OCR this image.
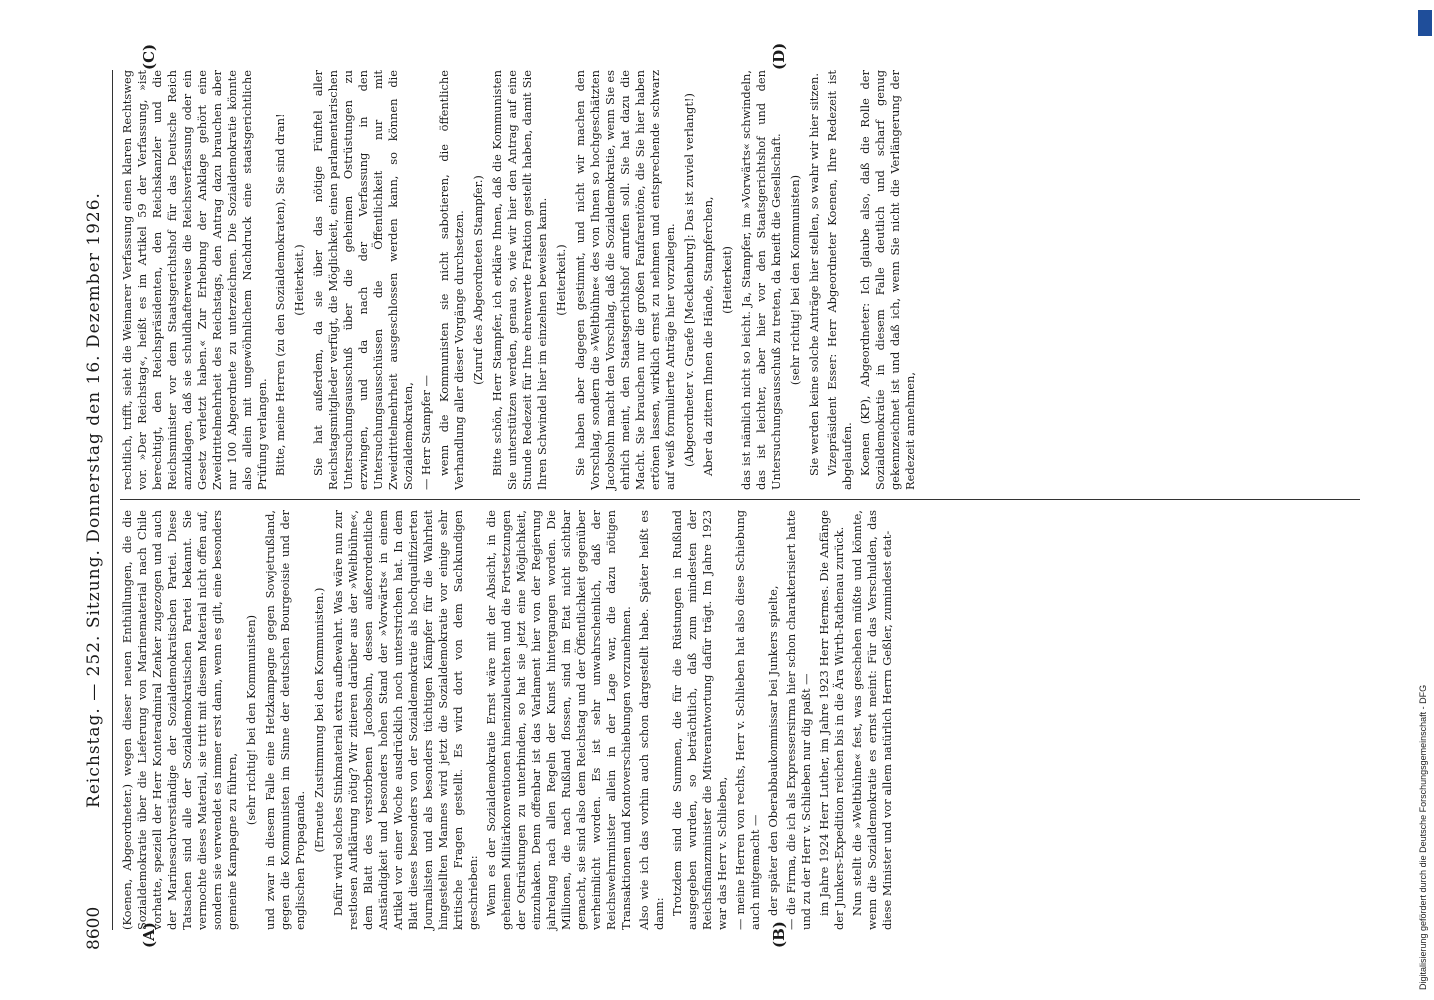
8600
Reichstag. — 252. Sitzung. Donnerstag den 16. Dezember 1926.
(A)	(B)
(C)	(D)

(Koenen, Abgeordneter.) wegen dieser neuen Enthüllungen, die die Sozialdemokratie über die Lieferung von Marinematerial nach Chile vorhatte, speziell der Herr Konteradmiral Zenker zugezogen und auch der Marinesachverständige der Sozialdemokratischen Partei. Diese Tatsachen sind alle der Sozialdemokratischen Partei bekannt. Sie vermochte dieses Material, sie tritt mit diesem Material nicht offen auf, sondern sie verwendet es immer erst dann, wenn es gilt, eine besonders gemeine Kampagne zu führen,

(sehr richtig! bei den Kommunisten) und zwar in diesem Falle eine Hetzkampagne gegen Sowjetrußland, gegen die Kommunisten im Sinne der deutschen Bourgeoisie und der englischen Propaganda.

(Erneute Zustimmung bei den Kommunisten.) Dafür wird solches Stinkmaterial extra aufbewahrt. Was wäre nun zur restlosen Aufklärung nötig? Wir zitieren darüber aus der »Weltbühne«, dem Blatt des verstorbenen Jacobsohn, dessen außerordentliche Anständigkeit und besonders hohen Stand der »Vorwärts« in einem Artikel vor einer Woche ausdrücklich noch unterstrichen hat. In dem Blatt dieses besonders von der Sozialdemokratie als hochqualifizierten Journalisten und als besonders tüchtigen Kämpfer für die Wahrheit hingestellten Mannes wird jetzt die Sozialdemokratie vor einige sehr kritische Fragen gestellt. Es wird dort von dem Sachkundigen geschrieben: Wenn es der Sozialdemokratie Ernst wäre mit der Absicht, in die geheimen Militärkonventionen hineinzuleuchten und die Fortsetzungen der Ostrüstungen zu unterbinden, so hat sie jetzt eine Möglichkeit, einzuhaken. Denn offenbar ist das Varlament hier von der Regierung jahrelang nach allen Regeln der Kunst hintergangen worden. Die Millionen, die nach Rußland flossen, sind im Etat nicht sichtbar gemacht, sie sind also dem Reichstag und der Öffentlichkeit gegenüber verheimlicht worden. Es ist sehr unwahrscheinlich, daß der Reichswehrminister allein in der Lage war, die dazu nötigen Transaktionen und Kontoverschiebungen vorzunehmen. Also wie ich das vorhin auch schon dargestellt habe. Später heißt es dann: Trotzdem sind die Summen, die für die Rüstungen in Rußland ausgegeben wurden, so beträchtlich, daß zum mindesten der Reichsfinanzminister die Mitverantwortung dafür trägt. Im Jahre 1923 war das Herr v. Schlieben, — meine Herren von rechts, Herr v. Schlieben hat also diese Schiebung auch mitgemacht — der später den Oberabbaukommissar bei Junkers spielte, — die Firma, die ich als Expressersirma hier schon charakterisiert hatte und zu der Herr v. Schlieben nur dig paßt — im Jahre 1924 Herr Luther, im Jahre 1923 Herr Hermes. Die Anfänge der Junkers-Expedition reichen bis in die Ära Wirth-Rathenau zurück. Nun stellt die »Weltbühne« fest, was geschehen müßte und könnte, wenn die Sozialdemokratie es ernst meint: Für das Verschulden, das diese Minister und vor allem natürlich Herrn Geßler, zumindest etat-

rechtlich, trifft, sieht die Weimarer Verfassung einen klaren Rechtsweg vor. »Der Reichstag«, heißt es im Artikel 59 der Verfassung, »ist berechtigt, den Reichspräsidenten, den Reichskanzler und die Reichsminister vor dem Staatsgerichtshof für das Deutsche Reich anzuklagen, daß sie schuldhafterweise die Reichsverfassung oder ein Gesetz verletzt haben.« Zur Erhebung der Anklage gehört eine Zweidrittelmehrheit des Reichstags, den Antrag dazu brauchen aber nur 100 Abgeordnete zu unterzeichnen. Die Sozialdemokratie könnte also allein mit ungewöhnlichem Nachdruck eine staatsgerichtliche Prüfung verlangen. Bitte, meine Herren (zu den Sozialdemokraten), Sie sind dran! (Heiterkeit.) Sie hat außerdem, da sie über das nötige Fünftel aller Reichstagsmitglieder verfügt, die Möglichkeit, einen parlamentarischen Untersuchungsausschuß über die geheimen Ostrüstungen zu erzwingen, und da nach der Verfassung in den Untersuchungsausschüssen die Öffentlichkeit nur mit Zweidrittelmehrheit ausgeschlossen werden kann, so können die Sozialdemokraten, — Herr Stampfer — wenn die Kommunisten sie nicht sabotieren, die öffentliche Verhandlung aller dieser Vorgänge durchsetzen. (Zuruf des Abgeordneten Stampfer.) Bitte schön, Herr Stampfer, ich erkläre Ihnen, daß die Kommunisten Sie unterstützen werden, genau so, wie wir hier den Antrag auf eine Stunde Redezeit für Ihre ehrenwerte Fraktion gestellt haben, damit Sie Ihren Schwindel hier im einzelnen beweisen kann. (Heiterkeit.) Sie haben aber dagegen gestimmt, und nicht wir machen den Vorschlag, sondern die »Weltbühne« des von Ihnen so hochgeschätzten Jacobsohn macht den Vorschlag, daß die Sozialdemokratie, wenn Sie es ehrlich meint, den Staatsgerichtshof anrufen soll. Sie hat dazu die Macht. Sie brauchen nur die großen Fanfarentöne, die Sie hier haben ertönen lassen, wirklich ernst zu nehmen und entsprechende schwarz auf weiß formulierte Anträge hier vorzulegen. (Abgeordneter v. Graefe [Mecklenburg]: Das ist zuviel verlangt!) Aber da zittern Ihnen die Hände, Stampferchen, (Heiterkeit) das ist nämlich nicht so leicht. Ja, Stampfer, im »Vorwärts« schwindeln, das ist leichter, aber hier vor den Staatsgerichtshof und den Untersuchungsausschuß zu treten, da kneift die Gesellschaft. (sehr richtig! bei den Kommunisten) Sie werden keine solche Anträge hier stellen, so wahr wir hier sitzen. Vizepräsident Esser: Herr Abgeordneter Koenen, Ihre Redezeit ist abgelaufen. Koenen (KP), Abgeordneter: Ich glaube also, daß die Rolle der Sozialdemokratie in diesem Falle deutlich und scharf genug gekennzeichnet ist und daß ich, wenn Sie nicht die Verlängerung der Redezeit annehmen,

Digitalisierung gefördert durch die Deutsche Forschungsgemeinschaft - DFG
